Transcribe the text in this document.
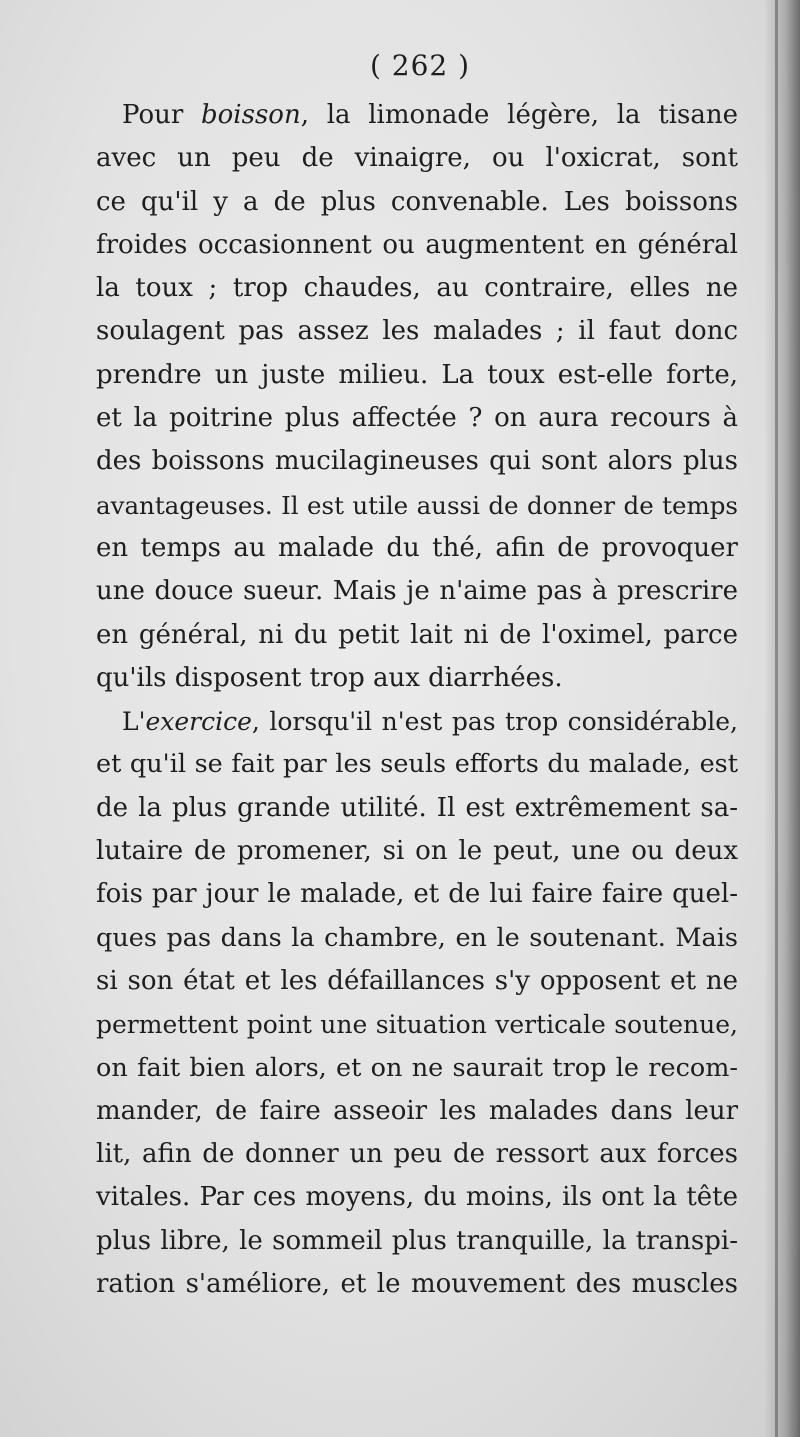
( 262 )
Pour boisson, la limonade légère, la tisane
avec un peu de vinaigre, ou l'oxicrat, sont
ce qu'il y a de plus convenable. Les boissons
froides occasionnent ou augmentent en général
la toux ; trop chaudes, au contraire, elles ne
soulagent pas assez les malades ; il faut donc
prendre un juste milieu. La toux est-elle forte,
et la poitrine plus affectée ? on aura recours à
des boissons mucilagineuses qui sont alors plus
avantageuses. Il est utile aussi de donner de temps
en temps au malade du thé, afin de provoquer
une douce sueur. Mais je n'aime pas à prescrire
en général, ni du petit lait ni de l'oximel, parce
qu'ils disposent trop aux diarrhées.
L'exercice, lorsqu'il n'est pas trop considérable,
et qu'il se fait par les seuls efforts du malade, est
de la plus grande utilité. Il est extrêmement sa-
lutaire de promener, si on le peut, une ou deux
fois par jour le malade, et de lui faire faire quel-
ques pas dans la chambre, en le soutenant. Mais
si son état et les défaillances s'y opposent et ne
permettent point une situation verticale soutenue,
on fait bien alors, et on ne saurait trop le recom-
mander, de faire asseoir les malades dans leur
lit, afin de donner un peu de ressort aux forces
vitales. Par ces moyens, du moins, ils ont la tête
plus libre, le sommeil plus tranquille, la transpi-
ration s'améliore, et le mouvement des muscles
